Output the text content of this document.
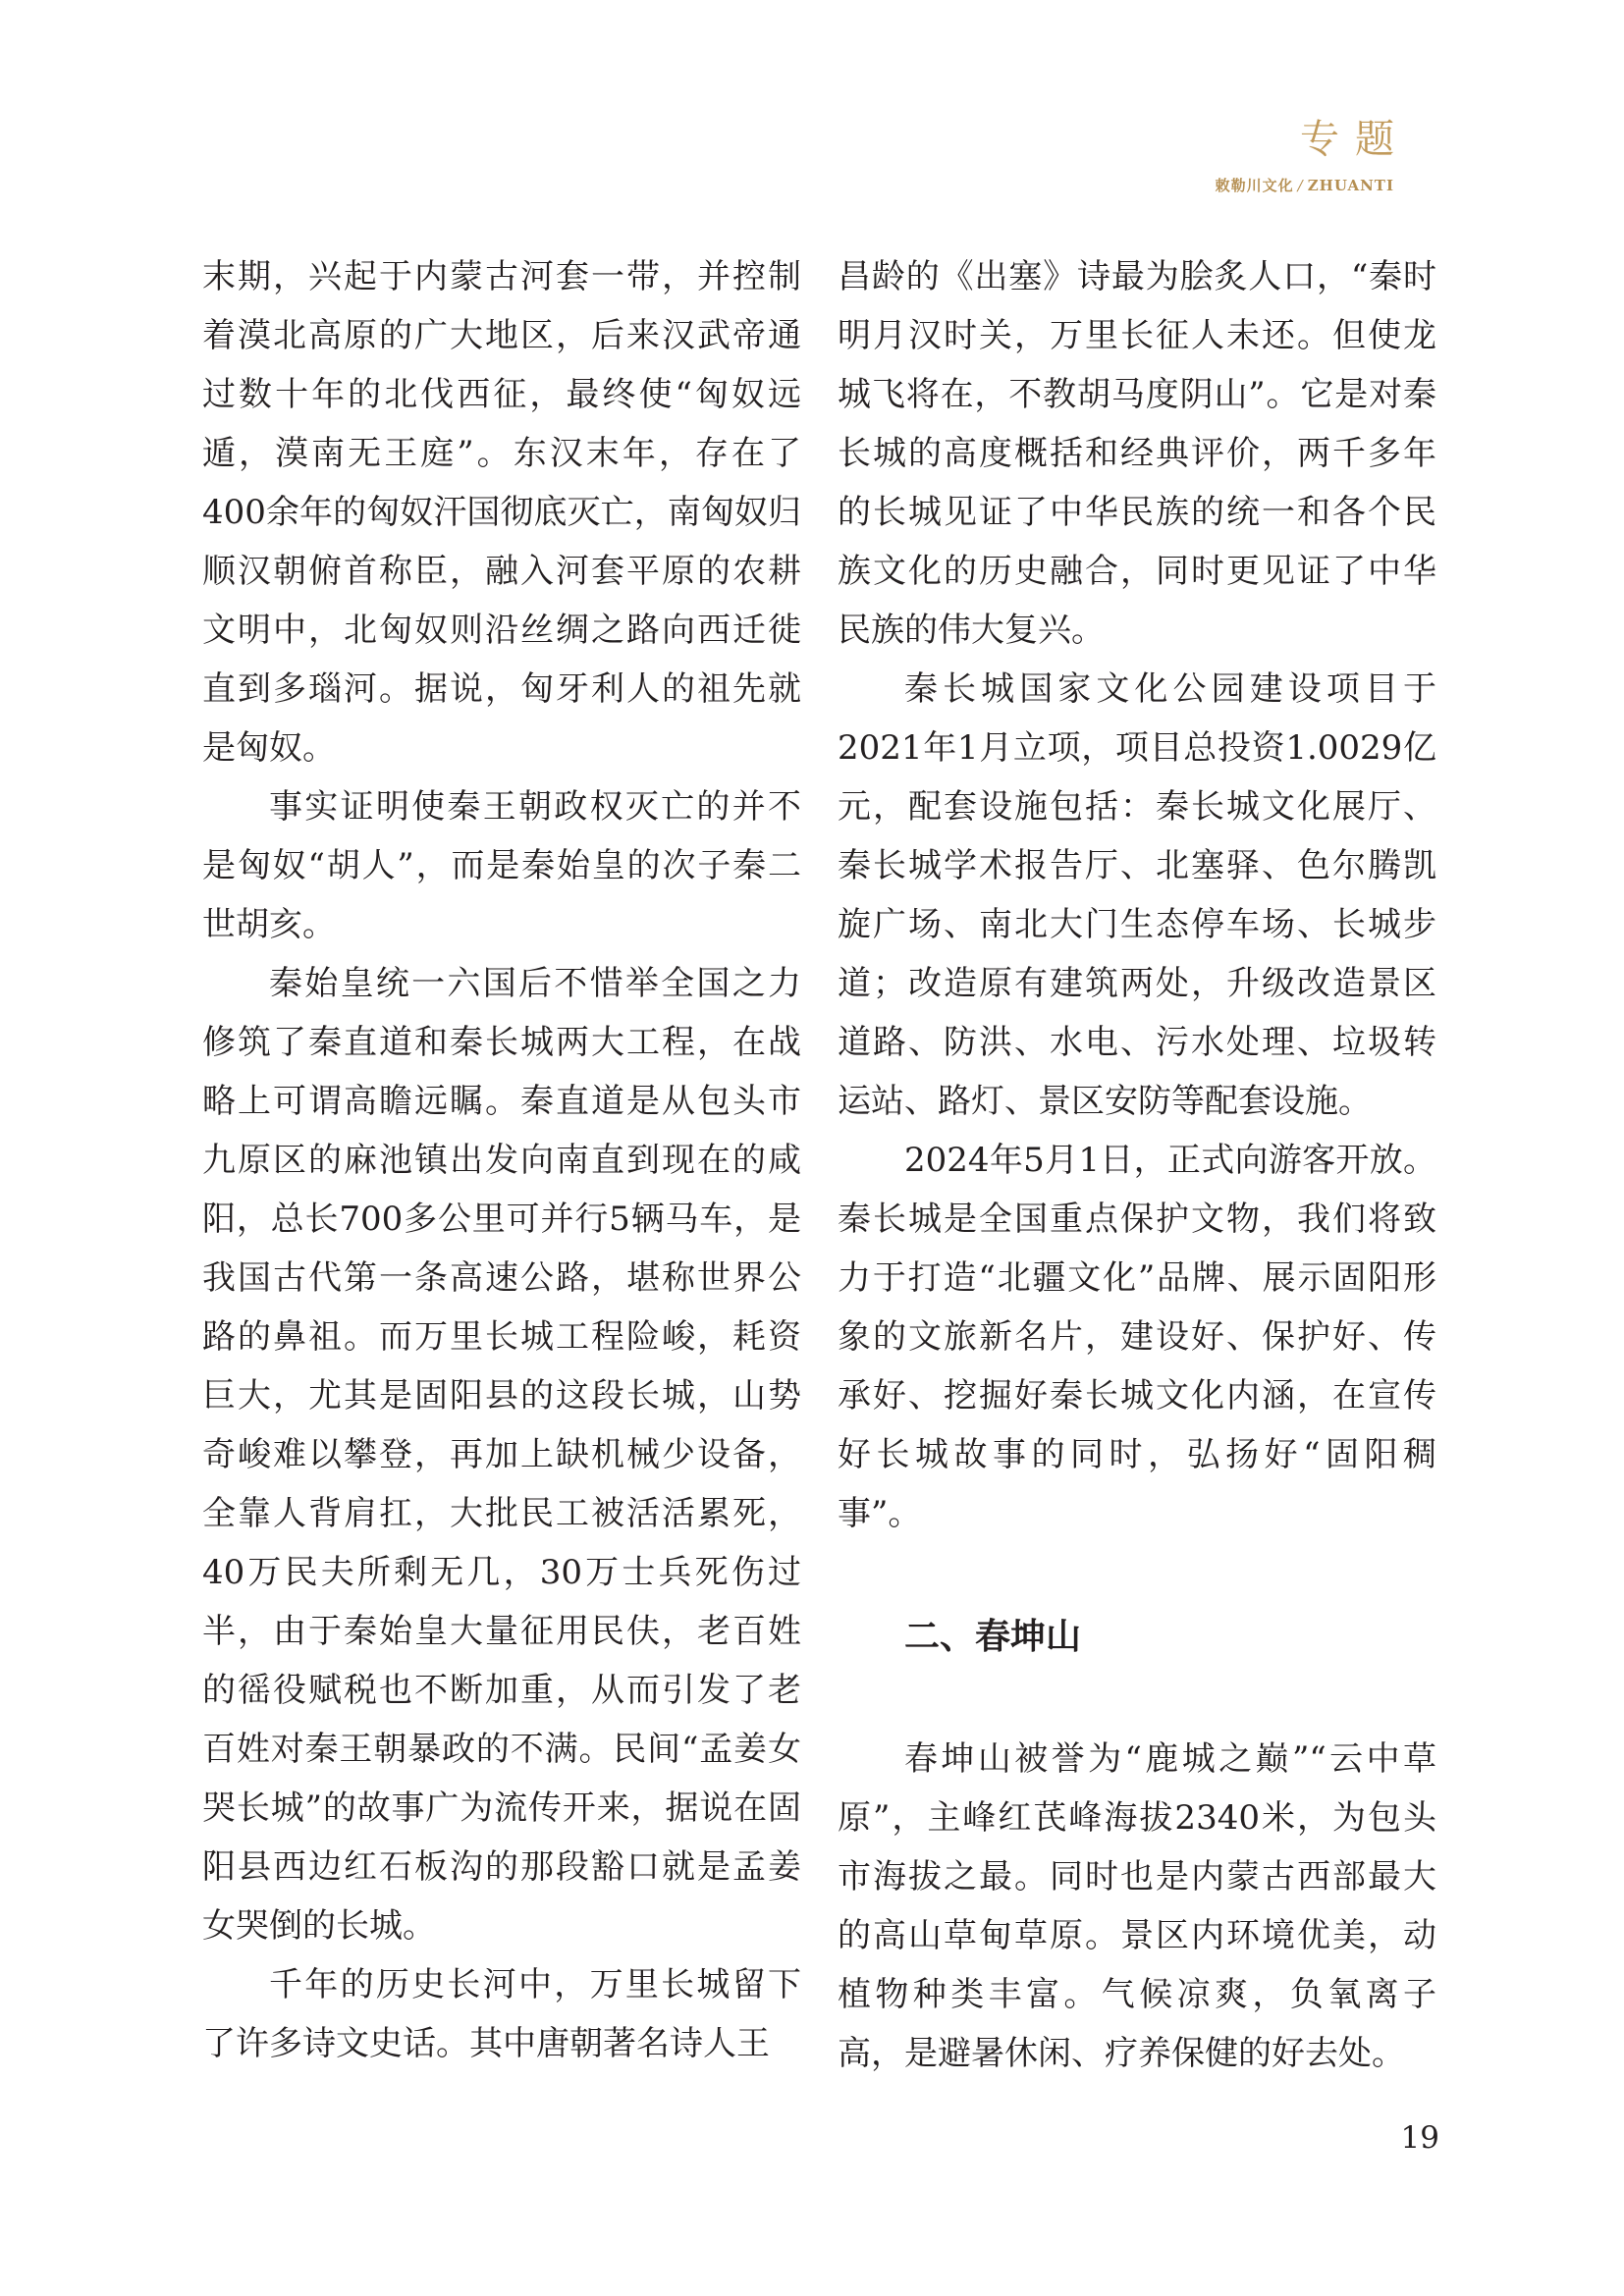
专题
敕勒川文化 / ZHUANTI

末期，兴起于内蒙古河套一带，并控制着漠北高原的广大地区，后来汉武帝通过数十年的北伐西征，最终使“匈奴远遁，漠南无王庭”。东汉末年，存在了400余年的匈奴汗国彻底灭亡，南匈奴归顺汉朝俯首称臣，融入河套平原的农耕文明中，北匈奴则沿丝绸之路向西迁徙直到多瑙河。据说，匈牙利人的祖先就是匈奴。

事实证明使秦王朝政权灭亡的并不是匈奴“胡人”，而是秦始皇的次子秦二世胡亥。

秦始皇统一六国后不惜举全国之力修筑了秦直道和秦长城两大工程，在战略上可谓高瞻远瞩。秦直道是从包头市九原区的麻池镇出发向南直到现在的咸阳，总长700多公里可并行5辆马车，是我国古代第一条高速公路，堪称世界公路的鼻祖。而万里长城工程险峻，耗资巨大，尤其是固阳县的这段长城，山势奇峻难以攀登，再加上缺机械少设备，全靠人背肩扛，大批民工被活活累死，40万民夫所剩无几，30万士兵死伤过半，由于秦始皇大量征用民伕，老百姓的徭役赋税也不断加重，从而引发了老百姓对秦王朝暴政的不满。民间“孟姜女哭长城”的故事广为流传开来，据说在固阳县西边红石板沟的那段豁口就是孟姜女哭倒的长城。

千年的历史长河中，万里长城留下了许多诗文史话。其中唐朝著名诗人王

昌龄的《出塞》诗最为脍炙人口，“秦时明月汉时关，万里长征人未还。但使龙城飞将在，不教胡马度阴山”。它是对秦长城的高度概括和经典评价，两千多年的长城见证了中华民族的统一和各个民族文化的历史融合，同时更见证了中华民族的伟大复兴。

秦长城国家文化公园建设项目于2021年1月立项，项目总投资1.0029亿元，配套设施包括：秦长城文化展厅、秦长城学术报告厅、北塞驿、色尔腾凯旋广场、南北大门生态停车场、长城步道；改造原有建筑两处，升级改造景区道路、防洪、水电、污水处理、垃圾转运站、路灯、景区安防等配套设施。

2024年5月1日，正式向游客开放。秦长城是全国重点保护文物，我们将致力于打造“北疆文化”品牌、展示固阳形象的文旅新名片，建设好、保护好、传承好、挖掘好秦长城文化内涵，在宣传好长城故事的同时，弘扬好“固阳稠事”。

二、春坤山

春坤山被誉为“鹿城之巅”“云中草原”，主峰红芪峰海拔2340米，为包头市海拔之最。同时也是内蒙古西部最大的高山草甸草原。景区内环境优美，动植物种类丰富。气候凉爽，负氧离子高，是避暑休闲、疗养保健的好去处。

19
